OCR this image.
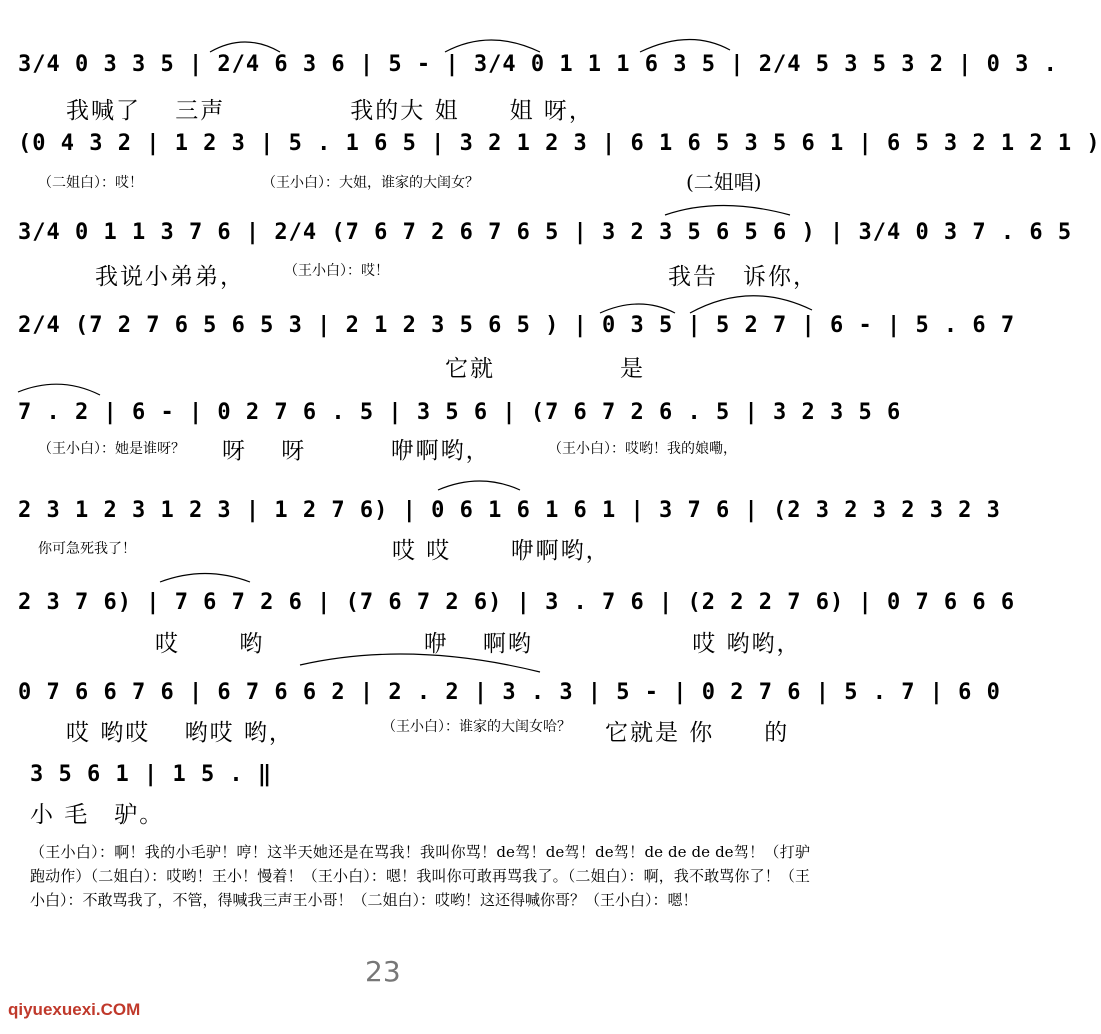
3/4 0 3 3 5 | 2/4 6 3 6 | 5 - | 3/4 0 1 1 1 6 3 5 | 2/4 5 3 5 3 2 | 0 3 .
我喊了　 三声　　　　　我的大 姐　　姐 呀，
(0 4 3 2 | 1 2 3 | 5 . 1 6 5 | 3 2 1 2 3 | 6 1 6 5 3 5 6 1 | 6 5 3 2 1 2 1 )
（二姐白）：哎！	（王小白）：大姐，谁家的大闺女？	(二姐唱)
3/4 0 1 1 3 7 6 | 2/4 (7 6 7 2 6 7 6 5 | 3 2 3 5 6 5 6 ) | 3/4 0 3 7 . 6 5
我说小弟弟，	（王小白）：哎！	我告　诉你，
2/4 (7 2 7 6 5 6 5 3 | 2 1 2 3 5 6 5 ) | 0 3 5 | 5 2 7 | 6 - | 5 . 6 7
它就　　　　　是
7 . 2 | 6 - | 0 2 7 6 . 5 | 3 5 6 | (7 6 7 2 6 . 5 | 3 2 3 5 6
（王小白）：她是谁呀？ 呀　 呀　　　 咿啊哟，	（王小白）：哎哟！我的娘嘞，
2 3 1 2 3 1 2 3 | 1 2 7 6) | 0 6 1 6 1 6 1 | 3 7 6 | (2 3 2 3 2 3 2 3
你可急死我了！	哎 哎　　 咿啊哟，
2 3 7 6) | 7 6 7 2 6 | (7 6 7 2 6) | 3 . 7 6 | (2 2 2 7 6) | 0 7 6 6 6
哎　　 哟　　　　　　 咿　 啊哟　　　　　　 哎 哟哟，
0 7 6 6 7 6 | 6 7 6 6 2 | 2 . 2 | 3 . 3 | 5 - | 0 2 7 6 | 5 . 7 | 6 0
哎 哟哎　 哟哎 哟，	（王小白）：谁家的大闺女哈？ 它就是 你　　的
3 5 6 1 | 1 5 . ‖
小 毛　驴。
（王小白）：啊！我的小毛驴！哼！这半天她还是在骂我！我叫你骂！de驾！de驾！de驾！de de de de驾！（打驴跑动作）（二姐白）：哎哟！王小！慢着！（王小白）：嗯！我叫你可敢再骂我了。（二姐白）：啊，我不敢骂你了！（王小白）：不敢骂我了，不管，得喊我三声王小哥！（二姐白）：哎哟！这还得喊你哥？（王小白）：嗯！
23
qiyuexuexi.COM
